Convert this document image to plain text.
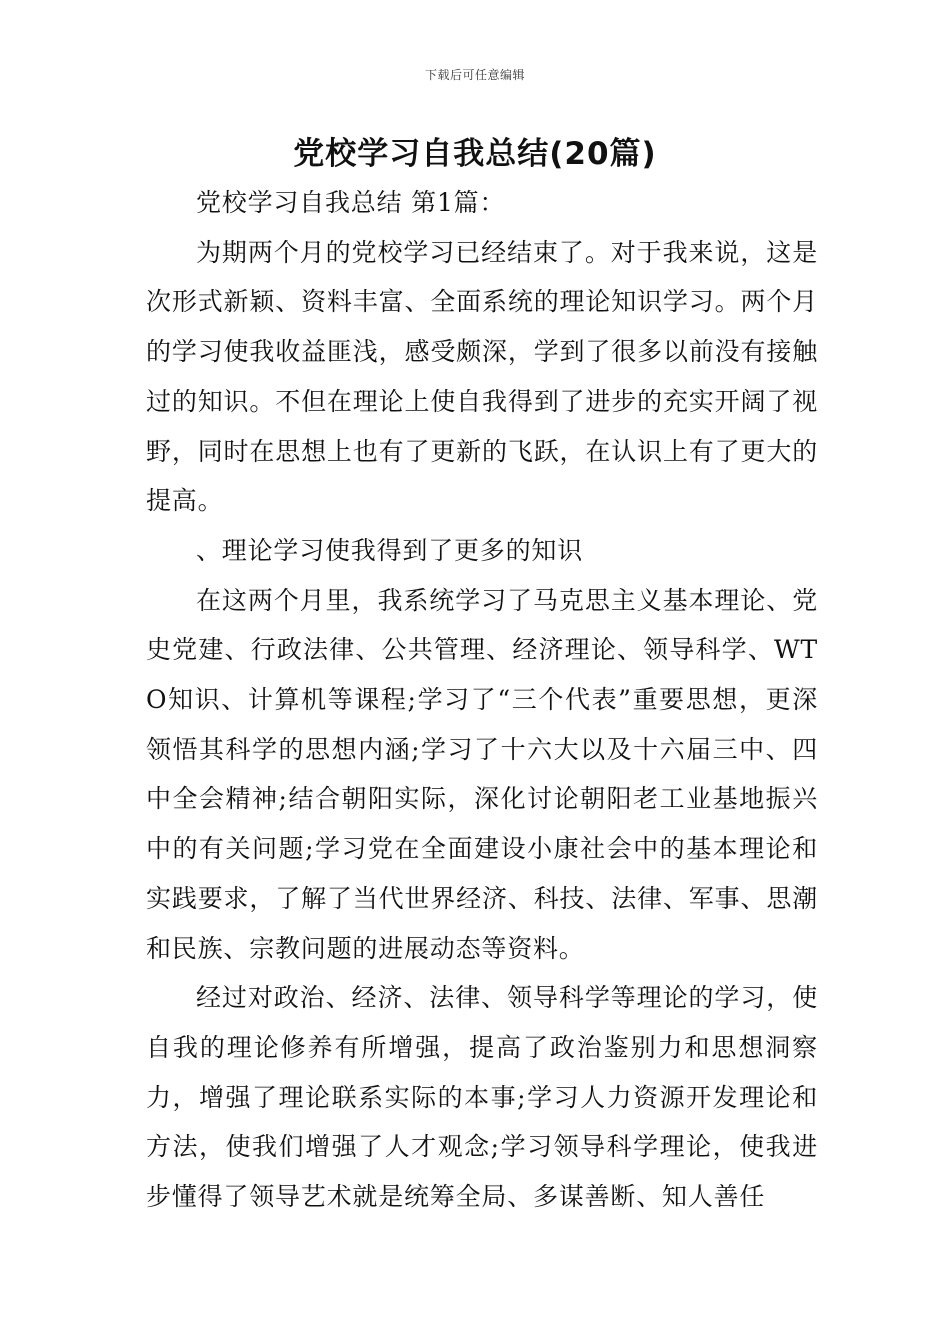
下载后可任意编辑
党校学习自我总结(20篇)

党校学习自我总结 第1篇：

为期两个月的党校学习已经结束了。对于我来说，这是次形式新颖、资料丰富、全面系统的理论知识学习。两个月的学习使我收益匪浅，感受颇深，学到了很多以前没有接触过的知识。不但在理论上使自我得到了进步的充实开阔了视野，同时在思想上也有了更新的飞跃，在认识上有了更大的提高。

、理论学习使我得到了更多的知识

在这两个月里，我系统学习了马克思主义基本理论、党史党建、行政法律、公共管理、经济理论、领导科学、WTO知识、计算机等课程;学习了“三个代表”重要思想，更深领悟其科学的思想内涵;学习了十六大以及十六届三中、四中全会精神;结合朝阳实际，深化讨论朝阳老工业基地振兴中的有关问题;学习党在全面建设小康社会中的基本理论和实践要求，了解了当代世界经济、科技、法律、军事、思潮和民族、宗教问题的进展动态等资料。

经过对政治、经济、法律、领导科学等理论的学习，使自我的理论修养有所增强，提高了政治鉴别力和思想洞察力，增强了理论联系实际的本事;学习人力资源开发理论和方法，使我们增强了人才观念;学习领导科学理论，使我进步懂得了领导艺术就是统筹全局、多谋善断、知人善任
